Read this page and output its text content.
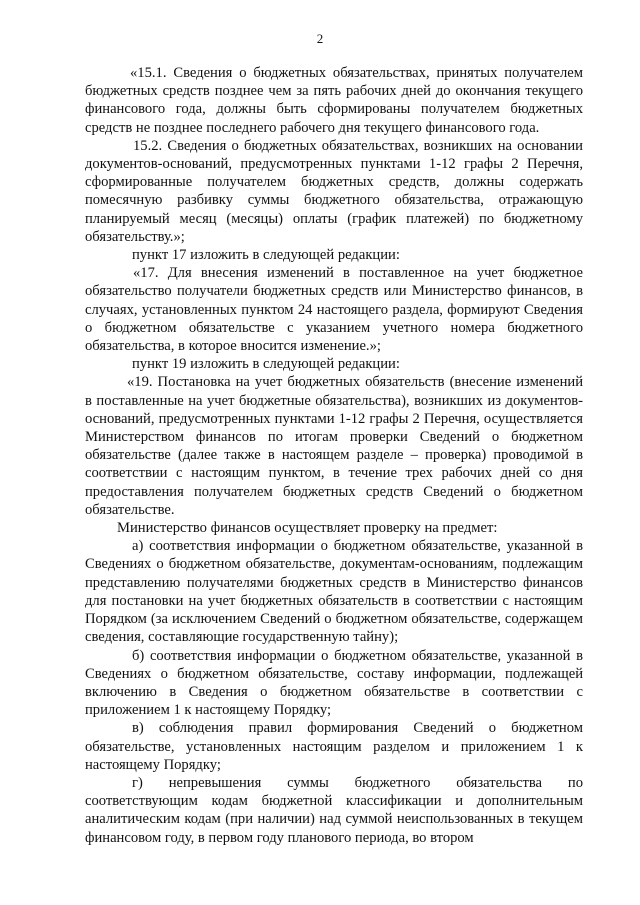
2

«15.1. Сведения о бюджетных обязательствах, принятых получателем бюджетных средств позднее чем за пять рабочих дней до окончания текущего финансового года, должны быть сформированы получателем бюджетных средств не позднее последнего рабочего дня текущего финансового года.

15.2. Сведения о бюджетных обязательствах, возникших на основании документов-оснований, предусмотренных пунктами 1-12 графы 2 Перечня, сформированные получателем бюджетных средств, должны содержать помесячную разбивку суммы бюджетного обязательства, отражающую планируемый месяц (месяцы) оплаты (график платежей) по бюджетному обязательству.»;

пункт 17 изложить в следующей редакции:

«17. Для внесения изменений в поставленное на учет бюджетное обязательство получатели бюджетных средств или Министерство финансов, в случаях, установленных пунктом 24 настоящего раздела, формируют Сведения о бюджетном обязательстве с указанием учетного номера бюджетного обязательства, в которое вносится изменение.»;

пункт 19 изложить в следующей редакции:

«19. Постановка на учет бюджетных обязательств (внесение изменений в поставленные на учет бюджетные обязательства), возникших из документов-оснований, предусмотренных пунктами 1-12 графы 2 Перечня, осуществляется Министерством финансов по итогам проверки Сведений о бюджетном обязательстве (далее также в настоящем разделе – проверка) проводимой в соответствии с настоящим пунктом, в течение трех рабочих дней со дня предоставления получателем бюджетных средств Сведений о бюджетном обязательстве.

Министерство финансов осуществляет проверку на предмет:

а) соответствия информации о бюджетном обязательстве, указанной в Сведениях о бюджетном обязательстве, документам-основаниям, подлежащим представлению получателями бюджетных средств в Министерство финансов для постановки на учет бюджетных обязательств в соответствии с настоящим Порядком (за исключением Сведений о бюджетном обязательстве, содержащем сведения, составляющие государственную тайну);

б) соответствия информации о бюджетном обязательстве, указанной в Сведениях о бюджетном обязательстве, составу информации, подлежащей включению в Сведения о бюджетном обязательстве в соответствии с приложением 1 к настоящему Порядку;

в) соблюдения правил формирования Сведений о бюджетном обязательстве, установленных настоящим разделом и приложением 1 к настоящему Порядку;

г) непревышения суммы бюджетного обязательства по соответствующим кодам бюджетной классификации и дополнительным аналитическим кодам (при наличии) над суммой неиспользованных в текущем финансовом году, в первом году планового периода, во втором
